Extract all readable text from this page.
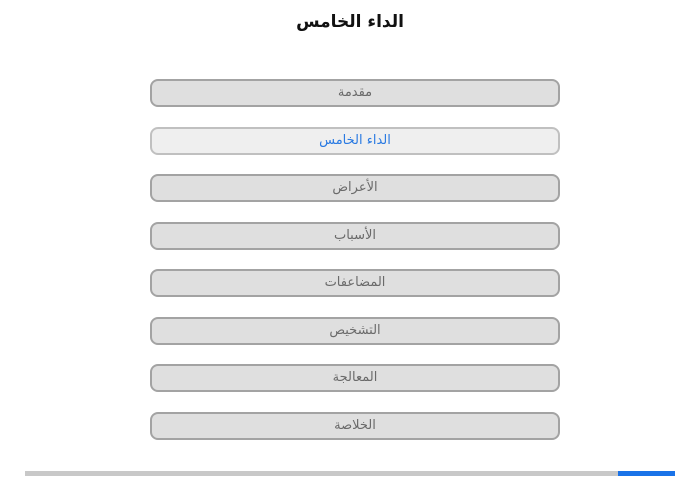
الداء الخامس
مقدمة
الداء الخامس
الأعراض
الأسباب
المضاعفات
التشخيص
المعالجة
الخلاصة
